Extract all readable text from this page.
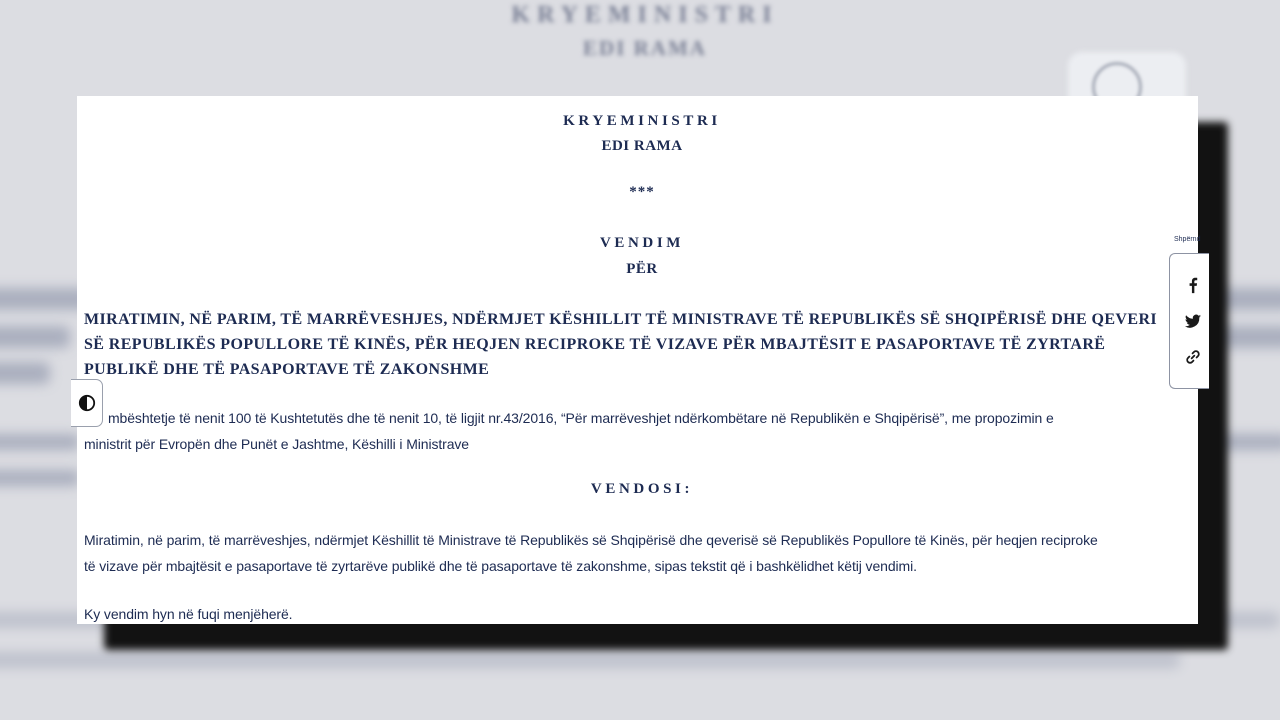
KRYEMINISTRI
EDI RAMA
KRYEMINISTRI
EDI RAMA
***
VENDIM
PËR

MIRATIMIN, NË PARIM, TË MARRËVESHJES, NDËRMJET KËSHILLIT TË MINISTRAVE TË REPUBLIKËS SË SHQIPËRISË DHE QEVERI
SË REPUBLIKËS POPULLORE TË KINËS, PËR HEQJEN RECIPROKE TË VIZAVE PËR MBAJTËSIT E PASAPORTAVE TË ZYRTARË
PUBLIKË DHE TË PASAPORTAVE TË ZAKONSHME

mbështetje të nenit 100 të Kushtetutës dhe të nenit 10, të ligjit nr.43/2016, “Për marrëveshjet ndërkombëtare në Republikën e Shqipërisë”, me propozimin e
ministrit për Evropën dhe Punët e Jashtme, Këshilli i Ministrave

VENDOSI:

Miratimin, në parim, të marrëveshjes, ndërmjet Këshillit të Ministrave të Republikës së Shqipërisë dhe qeverisë së Republikës Popullore të Kinës, për heqjen reciproke
të vizave për mbajtësit e pasaportave të zyrtarëve publikë dhe të pasaportave të zakonshme, sipas tekstit që i bashkëlidhet këtij vendimi.

Ky vendim hyn në fuqi menjëherë.

Shpërnd
